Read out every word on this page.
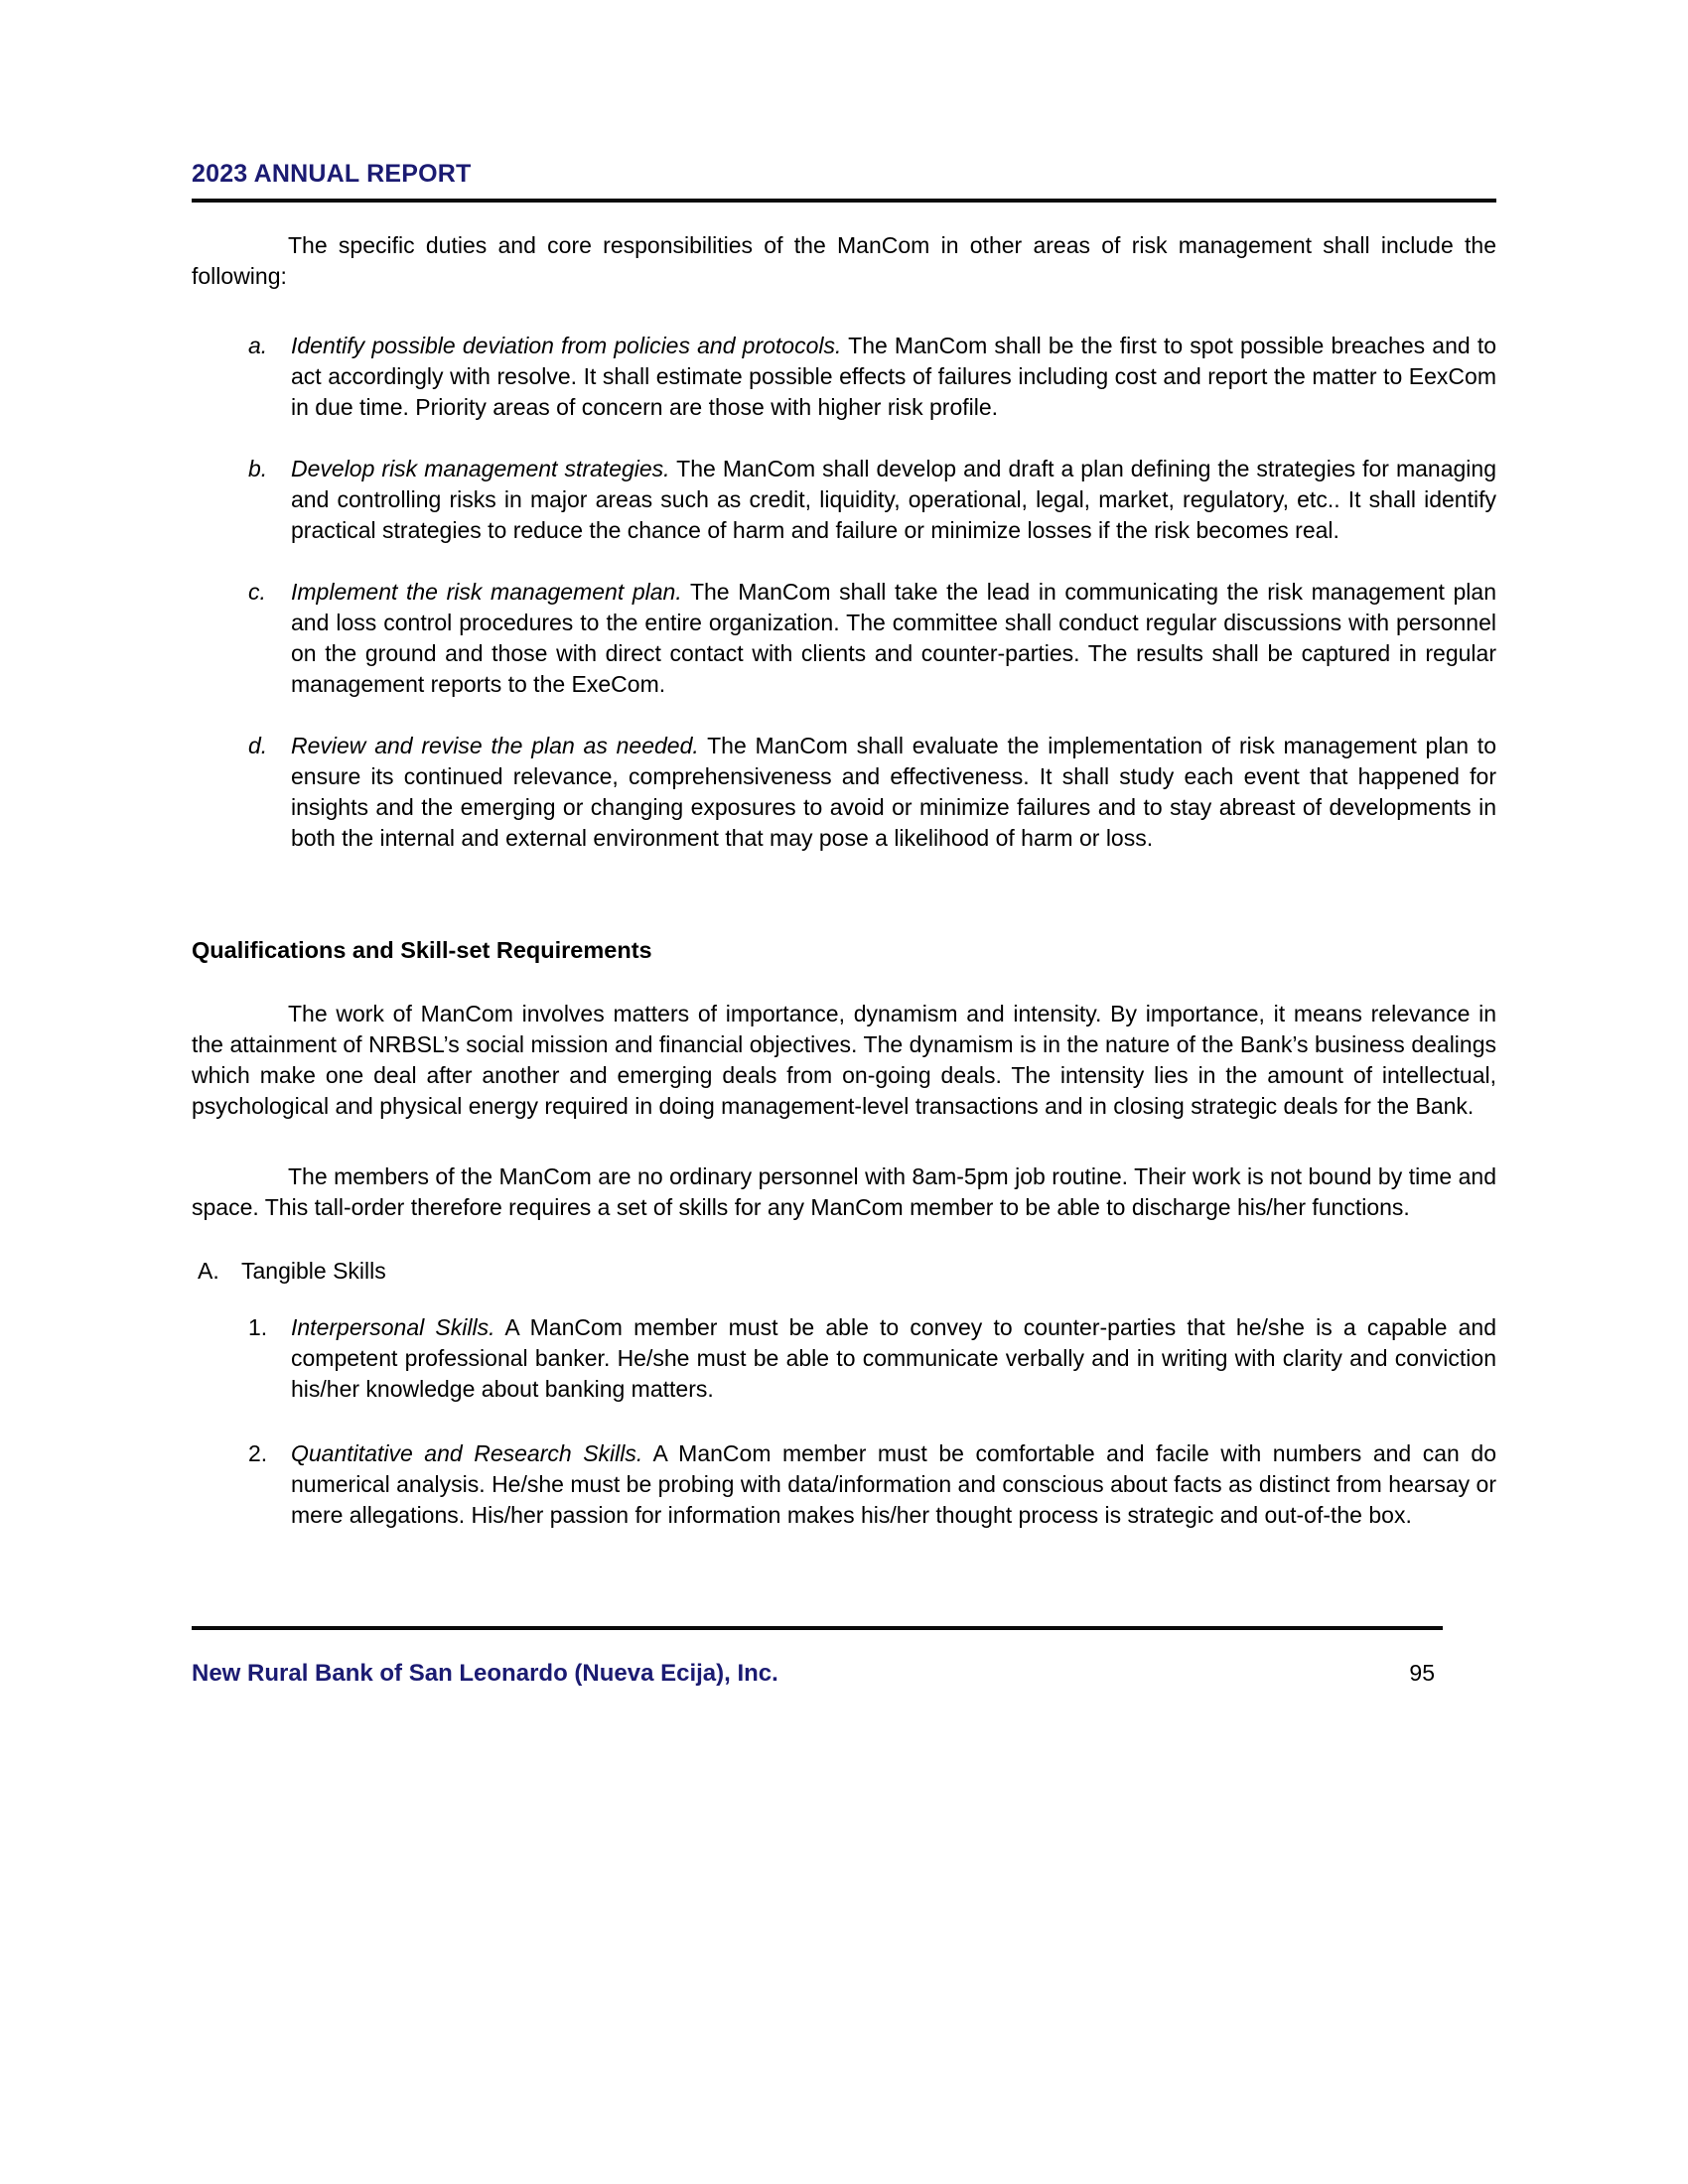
2023 ANNUAL REPORT

The specific duties and core responsibilities of the ManCom in other areas of risk management shall include the following:

a.	Identify possible deviation from policies and protocols. The ManCom shall be the first to spot possible breaches and to act accordingly with resolve. It shall estimate possible effects of failures including cost and report the matter to EexCom in due time. Priority areas of concern are those with higher risk profile.
b.	Develop risk management strategies. The ManCom shall develop and draft a plan defining the strategies for managing and controlling risks in major areas such as credit, liquidity, operational, legal, market, regulatory, etc.. It shall identify practical strategies to reduce the chance of harm and failure or minimize losses if the risk becomes real.
c.	Implement the risk management plan. The ManCom shall take the lead in communicating the risk management plan and loss control procedures to the entire organization. The committee shall conduct regular discussions with personnel on the ground and those with direct contact with clients and counter-parties. The results shall be captured in regular management reports to the ExeCom.
d.	Review and revise the plan as needed. The ManCom shall evaluate the implementation of risk management plan to ensure its continued relevance, comprehensiveness and effectiveness. It shall study each event that happened for insights and the emerging or changing exposures to avoid or minimize failures and to stay abreast of developments in both the internal and external environment that may pose a likelihood of harm or loss.
Qualifications and Skill-set Requirements

The work of ManCom involves matters of importance, dynamism and intensity. By importance, it means relevance in the attainment of NRBSL’s social mission and financial objectives. The dynamism is in the nature of the Bank’s business dealings which make one deal after another and emerging deals from on-going deals. The intensity lies in the amount of intellectual, psychological and physical energy required in doing management-level transactions and in closing strategic deals for the Bank.

The members of the ManCom are no ordinary personnel with 8am-5pm job routine. Their work is not bound by time and space. This tall-order therefore requires a set of skills for any ManCom member to be able to discharge his/her functions.

A. Tangible Skills
1.	Interpersonal Skills. A ManCom member must be able to convey to counter-parties that he/she is a capable and competent professional banker. He/she must be able to communicate verbally and in writing with clarity and conviction his/her knowledge about banking matters.
2.	Quantitative and Research Skills. A ManCom member must be comfortable and facile with numbers and can do numerical analysis. He/she must be probing with data/information and conscious about facts as distinct from hearsay or mere allegations. His/her passion for information makes his/her thought process is strategic and out-of-the box.
New Rural Bank of San Leonardo (Nueva Ecija), Inc.	95
